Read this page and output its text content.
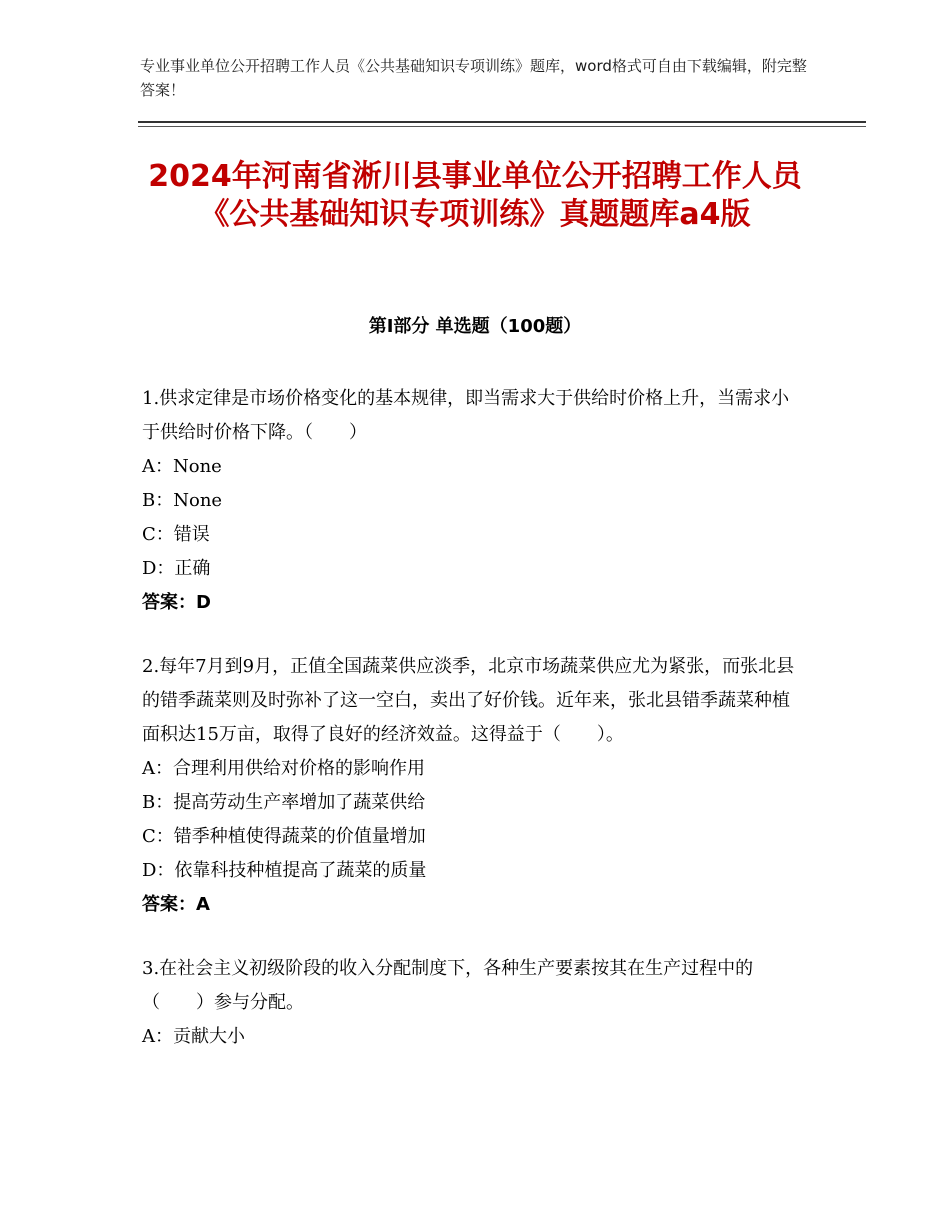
专业事业单位公开招聘工作人员《公共基础知识专项训练》题库，word格式可自由下载编辑，附完整答案！
2024年河南省淅川县事业单位公开招聘工作人员《公共基础知识专项训练》真题题库a4版
第I部分 单选题（100题）

1.供求定律是市场价格变化的基本规律，即当需求大于供给时价格上升，当需求小于供给时价格下降。（　　）

A：None

B：None

C：错误

D：正确

答案：D

2.每年7月到9月，正值全国蔬菜供应淡季，北京市场蔬菜供应尤为紧张，而张北县的错季蔬菜则及时弥补了这一空白，卖出了好价钱。近年来，张北县错季蔬菜种植面积达15万亩，取得了良好的经济效益。这得益于（　　）。

A：合理利用供给对价格的影响作用

B：提高劳动生产率增加了蔬菜供给

C：错季种植使得蔬菜的价值量增加

D：依靠科技种植提高了蔬菜的质量

答案：A

3.在社会主义初级阶段的收入分配制度下，各种生产要素按其在生产过程中的（　　）参与分配。

A：贡献大小
